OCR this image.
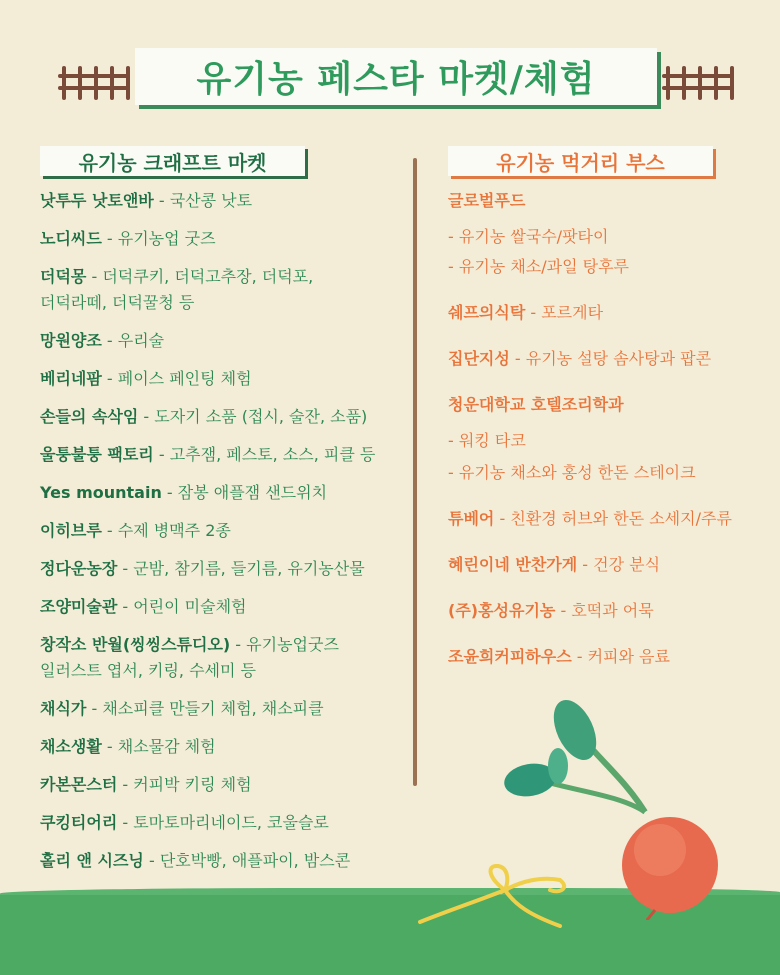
유기농 페스타 마켓/체험
유기농 크래프트 마켓	유기농 먹거리 부스
낫투두 낫토앤바 - 국산콩 낫토
노디씨드 - 유기농업 굿즈
더덕몽 - 더덕쿠키, 더덕고추장, 더덕포,
더덕라떼, 더덕꿀청 등
망원양조 - 우리술
베리네팜 - 페이스 페인팅 체험
손들의 속삭임 - 도자기 소품 (접시, 술잔, 소품)
울퉁불퉁 팩토리 - 고추잼, 페스토, 소스, 피클 등
Yes mountain - 잠봉 애플잼 샌드위치
이히브루 - 수제 병맥주 2종
정다운농장 - 군밤, 참기름, 들기름, 유기농산물
조양미술관 - 어린이 미술체험
창작소 반월(씽씽스튜디오) - 유기농업굿즈
일러스트 엽서, 키링, 수세미 등
채식가 - 채소피클 만들기 체험, 채소피클
채소생활 - 채소물감 체험
카본몬스터 - 커피박 키링 체험
쿠킹티어리 - 토마토마리네이드, 코울슬로
홀리 앤 시즈닝 - 단호박빵, 애플파이, 밤스콘
글로벌푸드
- 유기농 쌀국수/팟타이
- 유기농 채소/과일 탕후루
쉐프의식탁 - 포르게타
집단지성 - 유기농 설탕 솜사탕과 팝콘
청운대학교 호텔조리학과
- 워킹 타코
- 유기농 채소와 홍성 한돈 스테이크
튜베어 - 친환경 허브와 한돈 소세지/주류
혜린이네 반찬가게 - 건강 분식
(주)홍성유기농 - 호떡과 어묵
조윤희커피하우스 - 커피와 음료
